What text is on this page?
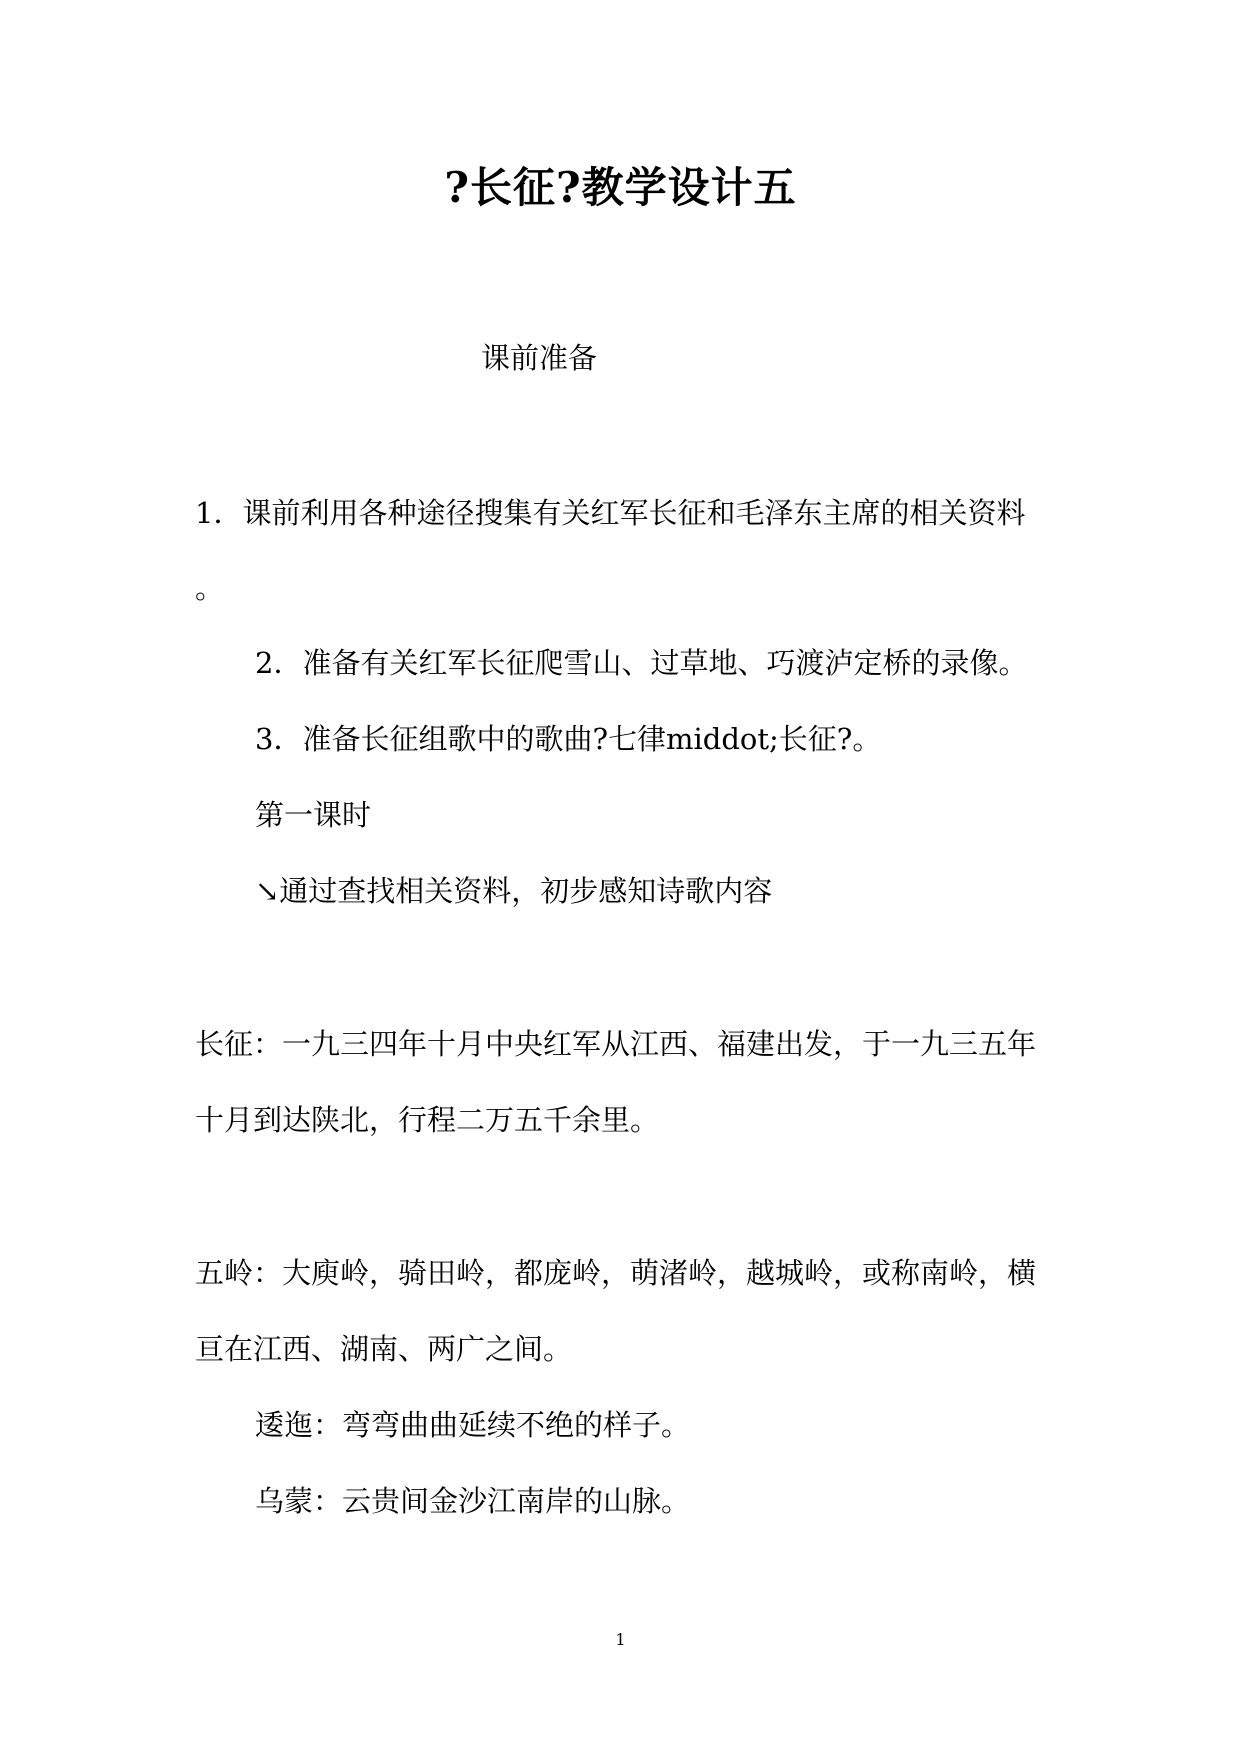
?长征?教学设计五
课前准备
1．课前利用各种途径搜集有关红军长征和毛泽东主席的相关资料
。
2．准备有关红军长征爬雪山、过草地、巧渡泸定桥的录像。
3．准备长征组歌中的歌曲?七律middot;长征?。
第一课时
↘通过查找相关资料，初步感知诗歌内容
长征：一九三四年十月中央红军从江西、福建出发，于一九三五年
十月到达陕北，行程二万五千余里。
五岭：大庾岭，骑田岭，都庞岭，萌渚岭，越城岭，或称南岭，横
亘在江西、湖南、两广之间。
逶迤：弯弯曲曲延续不绝的样子。
乌蒙：云贵间金沙江南岸的山脉。
1
